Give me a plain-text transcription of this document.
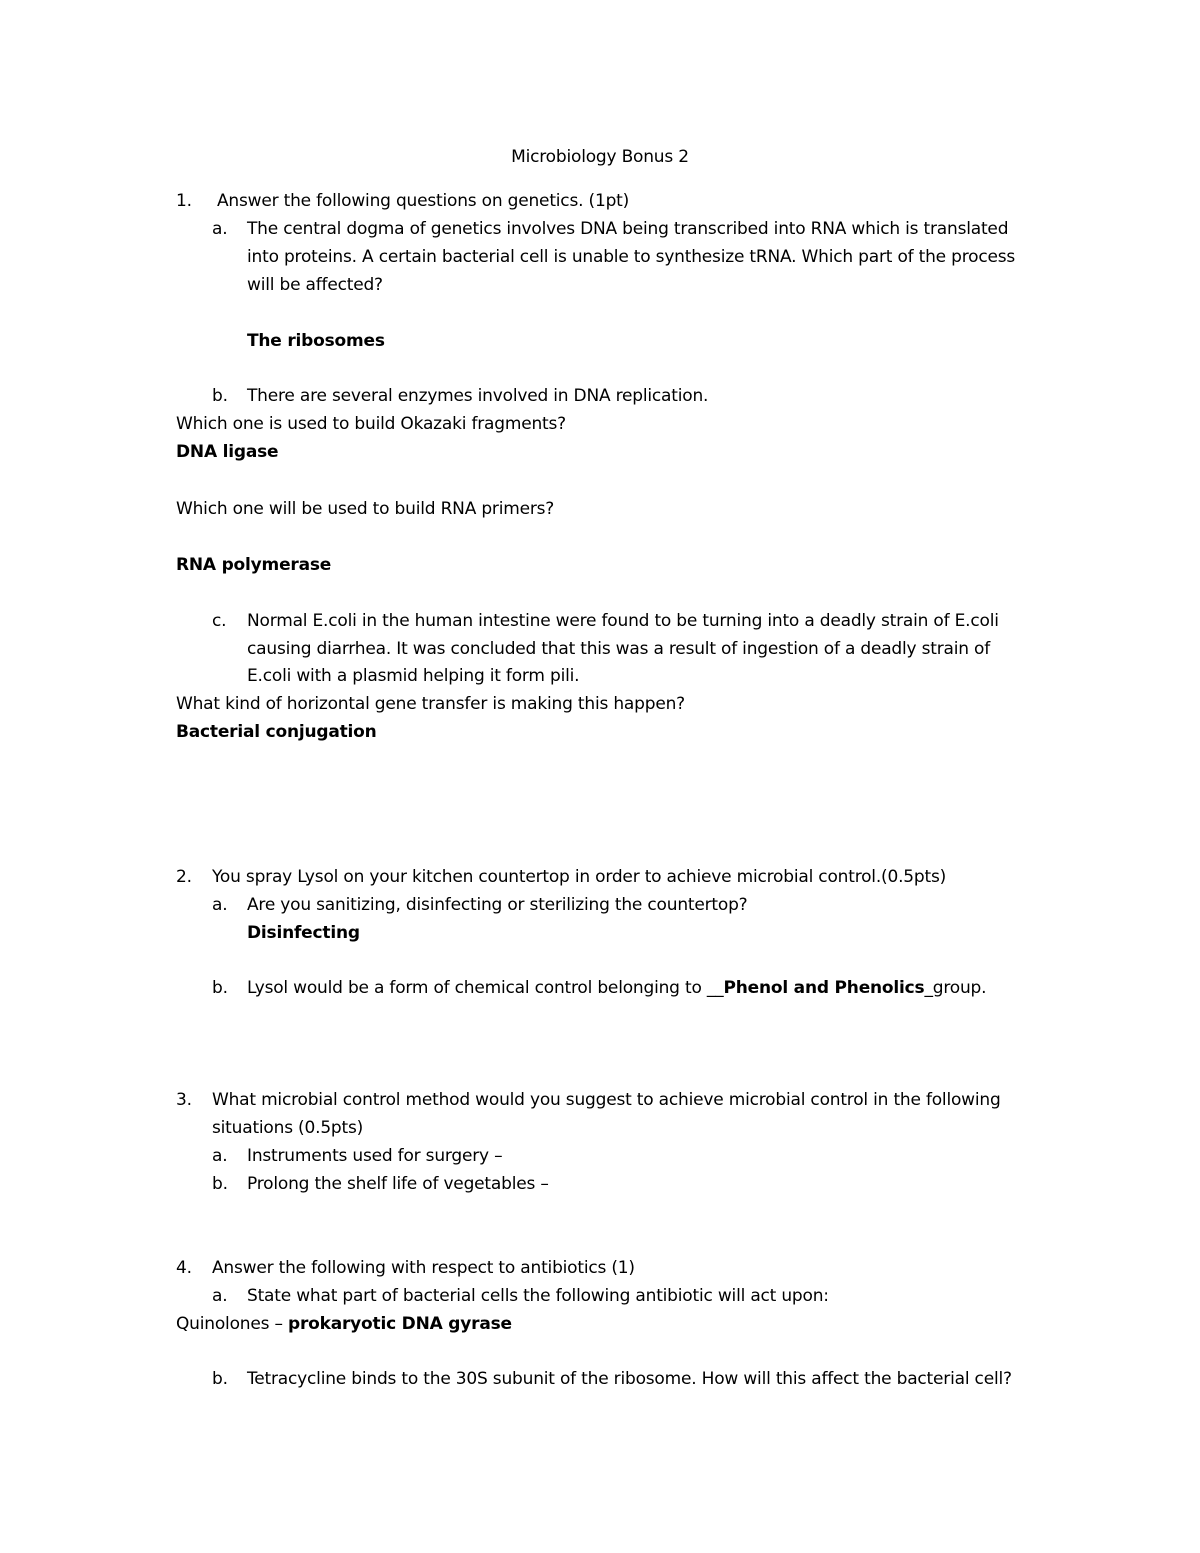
Microbiology Bonus 2
1. Answer the following questions on genetics. (1pt)
a. The central dogma of genetics involves DNA being transcribed into RNA which is translated
into proteins. A certain bacterial cell is unable to synthesize tRNA. Which part of the process
will be affected?
The ribosomes
b. There are several enzymes involved in DNA replication.
Which one is used to build Okazaki fragments?
DNA ligase
Which one will be used to build RNA primers?
RNA polymerase
c. Normal E.coli in the human intestine were found to be turning into a deadly strain of E.coli
causing diarrhea. It was concluded that this was a result of ingestion of a deadly strain of
E.coli with a plasmid helping it form pili.
What kind of horizontal gene transfer is making this happen?
Bacterial conjugation
2. You spray Lysol on your kitchen countertop in order to achieve microbial control.(0.5pts)
a. Are you sanitizing, disinfecting or sterilizing the countertop?
Disinfecting
b. Lysol would be a form of chemical control belonging to __Phenol and Phenolics_group.
3. What microbial control method would you suggest to achieve microbial control in the following
situations (0.5pts)
a. Instruments used for surgery –
b. Prolong the shelf life of vegetables –
4. Answer the following with respect to antibiotics (1)
a. State what part of bacterial cells the following antibiotic will act upon:
Quinolones – prokaryotic DNA gyrase
b. Tetracycline binds to the 30S subunit of the ribosome. How will this affect the bacterial cell?
